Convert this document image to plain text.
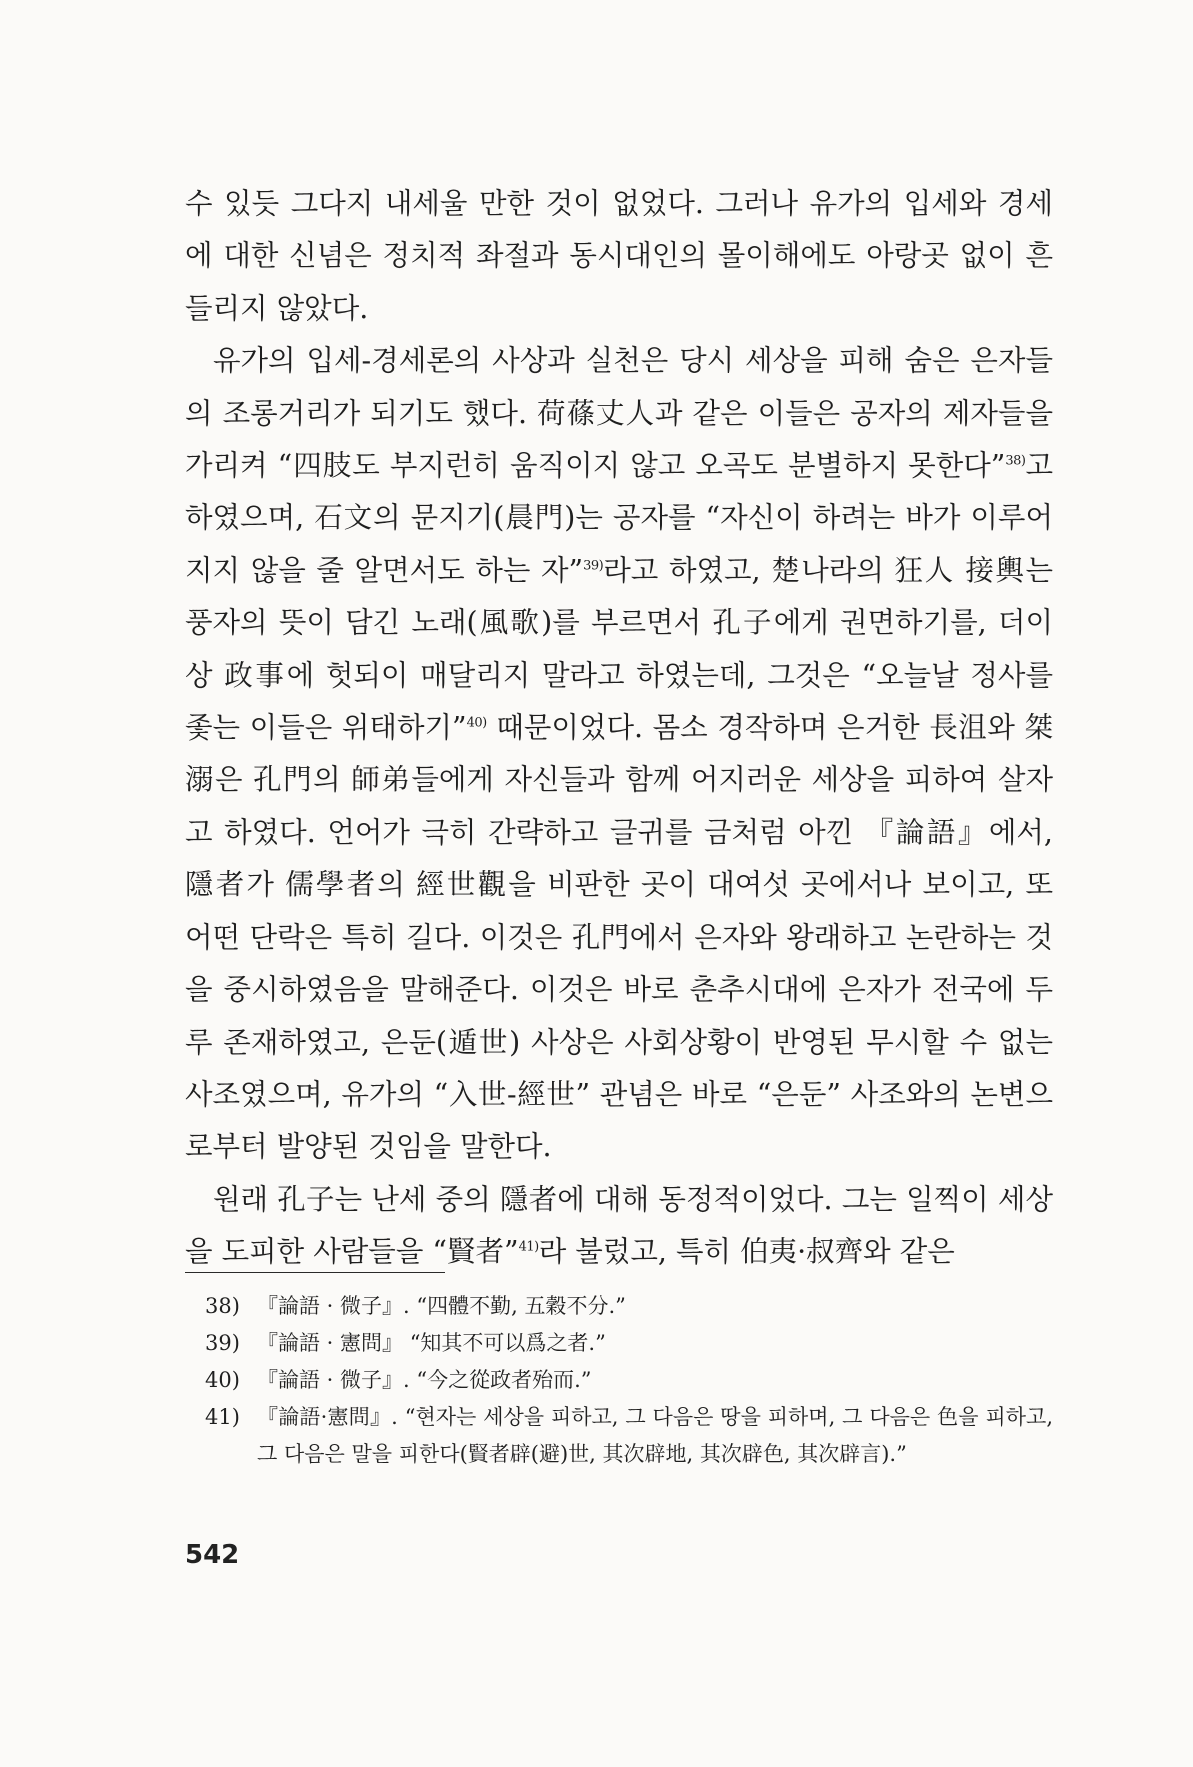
수 있듯 그다지 내세울 만한 것이 없었다. 그러나 유가의 입세와 경세에 대한 신념은 정치적 좌절과 동시대인의 몰이해에도 아랑곳 없이 흔들리지 않았다.

유가의 입세-경세론의 사상과 실천은 당시 세상을 피해 숨은 은자들의 조롱거리가 되기도 했다. 荷蓧丈人과 같은 이들은 공자의 제자들을 가리켜 “四肢도 부지런히 움직이지 않고 오곡도 분별하지 못한다”$^{38)}$고 하였으며, 石文의 문지기(晨門)는 공자를 “자신이 하려는 바가 이루어지지 않을 줄 알면서도 하는 자”$^{39)}$라고 하였고, 楚나라의 狂人 接輿는 풍자의 뜻이 담긴 노래(風歌)를 부르면서 孔子에게 권면하기를, 더이상 政事에 헛되이 매달리지 말라고 하였는데, 그것은 “오늘날 정사를 좇는 이들은 위태하기”$^{40)}$ 때문이었다. 몸소 경작하며 은거한 長沮와 桀溺은 孔門의 師弟들에게 자신들과 함께 어지러운 세상을 피하여 살자고 하였다. 언어가 극히 간략하고 글귀를 금처럼 아낀 『論語』에서, 隱者가 儒學者의 經世觀을 비판한 곳이 대여섯 곳에서나 보이고, 또 어떤 단락은 특히 길다. 이것은 孔門에서 은자와 왕래하고 논란하는 것을 중시하였음을 말해준다. 이것은 바로 춘추시대에 은자가 전국에 두루 존재하였고, 은둔(遁世) 사상은 사회상황이 반영된 무시할 수 없는 사조였으며, 유가의 “入世-經世” 관념은 바로 “은둔” 사조와의 논변으로부터 발양된 것임을 말한다.

원래 孔子는 난세 중의 隱者에 대해 동정적이었다. 그는 일찍이 세상을 도피한 사람들을 “賢者”$^{41)}$라 불렀고, 특히 伯夷·叔齊와 같은

38) 『論語 · 微子』. “四體不勤, 五穀不分.”
39) 『論語 · 憲問』 “知其不可以爲之者.”
40) 『論語 · 微子』. “今之從政者殆而.”
41) 『論語·憲問』. “현자는 세상을 피하고, 그 다음은 땅을 피하며, 그 다음은 色을 피하고, 그 다음은 말을 피한다(賢者辟(避)世, 其次辟地, 其次辟色, 其次辟言).”
542
